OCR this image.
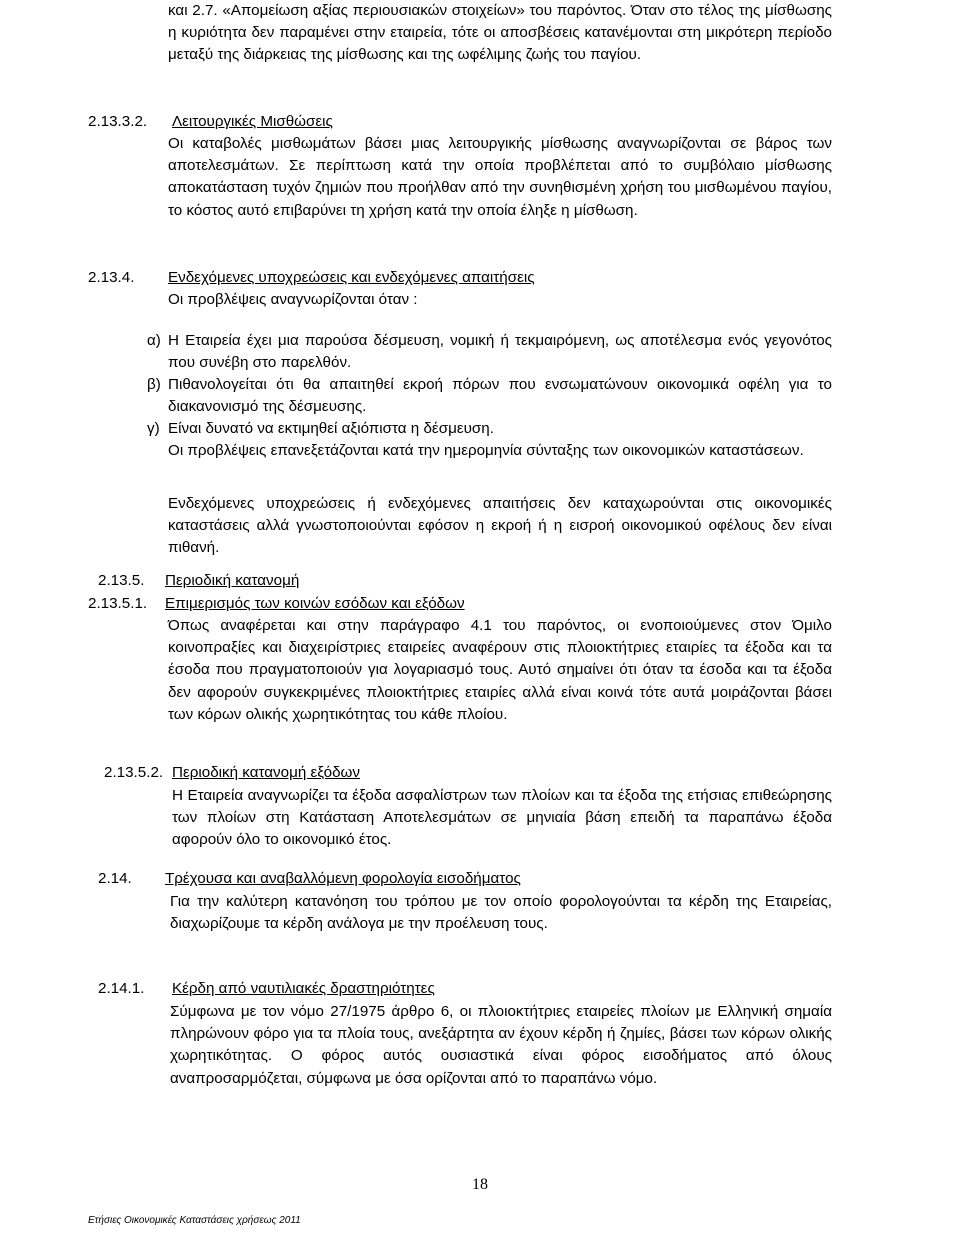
και 2.7. «Απομείωση αξίας περιουσιακών στοιχείων» του παρόντος. Όταν στο τέλος της μίσθωσης η κυριότητα δεν παραμένει στην εταιρεία, τότε οι αποσβέσεις κατανέμονται στη μικρότερη περίοδο μεταξύ της διάρκειας της μίσθωσης και της ωφέλιμης ζωής του παγίου.
2.13.3.2. Λειτουργικές Μισθώσεις
Οι καταβολές μισθωμάτων βάσει μιας λειτουργικής μίσθωσης αναγνωρίζονται σε βάρος των αποτελεσμάτων. Σε περίπτωση κατά την οποία προβλέπεται από το συμβόλαιο μίσθωσης αποκατάσταση τυχόν ζημιών που προήλθαν από την συνηθισμένη χρήση του μισθωμένου παγίου, το κόστος αυτό επιβαρύνει τη χρήση κατά την οποία έληξε η μίσθωση.
2.13.4. Ενδεχόμενες υποχρεώσεις και ενδεχόμενες απαιτήσεις
Οι προβλέψεις αναγνωρίζονται όταν :
α) Η Εταιρεία έχει μια παρούσα δέσμευση, νομική ή τεκμαιρόμενη, ως αποτέλεσμα ενός γεγονότος που συνέβη στο παρελθόν.
β) Πιθανολογείται ότι θα απαιτηθεί εκροή πόρων που ενσωματώνουν οικονομικά οφέλη για το διακανονισμό της δέσμευσης.
γ) Είναι δυνατό να εκτιμηθεί αξιόπιστα η δέσμευση.
Οι προβλέψεις επανεξετάζονται κατά την ημερομηνία σύνταξης των οικονομικών καταστάσεων.
Ενδεχόμενες υποχρεώσεις ή ενδεχόμενες απαιτήσεις δεν καταχωρούνται στις οικονομικές καταστάσεις αλλά γνωστοποιούνται εφόσον η εκροή ή η εισροή οικονομικού οφέλους δεν είναι πιθανή.
2.13.5. Περιοδική κατανομή
2.13.5.1. Επιμερισμός των κοινών εσόδων και εξόδων
Όπως αναφέρεται και στην παράγραφο 4.1 του παρόντος, οι ενοποιούμενες στον Όμιλο κοινοπραξίες και διαχειρίστριες εταιρείες αναφέρουν στις πλοιοκτήτριες εταιρίες τα έξοδα και τα έσοδα που πραγματοποιούν για λογαριασμό τους. Αυτό σημαίνει ότι όταν τα έσοδα και τα έξοδα δεν αφορούν συγκεκριμένες πλοιοκτήτριες εταιρίες αλλά είναι κοινά τότε αυτά μοιράζονται βάσει των κόρων ολικής χωρητικότητας του κάθε πλοίου.
2.13.5.2. Περιοδική κατανομή εξόδων
Η Εταιρεία αναγνωρίζει τα έξοδα ασφαλίστρων των πλοίων και τα έξοδα της ετήσιας επιθεώρησης των πλοίων στη Κατάσταση Αποτελεσμάτων σε μηνιαία βάση επειδή τα παραπάνω έξοδα αφορούν όλο το οικονομικό έτος.
2.14. Τρέχουσα και αναβαλλόμενη φορολογία εισοδήματος
Για την καλύτερη κατανόηση του τρόπου με τον οποίο φορολογούνται τα κέρδη της Εταιρείας, διαχωρίζουμε τα κέρδη ανάλογα με την προέλευση τους.
2.14.1. Κέρδη από ναυτιλιακές δραστηριότητες
Σύμφωνα με τον νόμο 27/1975 άρθρο 6, οι πλοιοκτήτριες εταιρείες πλοίων με Ελληνική σημαία πληρώνουν φόρο για τα πλοία τους, ανεξάρτητα αν έχουν κέρδη ή ζημίες, βάσει των κόρων ολικής χωρητικότητας. Ο φόρος αυτός ουσιαστικά είναι φόρος εισοδήματος από όλους αναπροσαρμόζεται, σύμφωνα με όσα ορίζονται από το παραπάνω νόμο.
18
Ετήσιες Οικονομικές Καταστάσεις χρήσεως 2011
